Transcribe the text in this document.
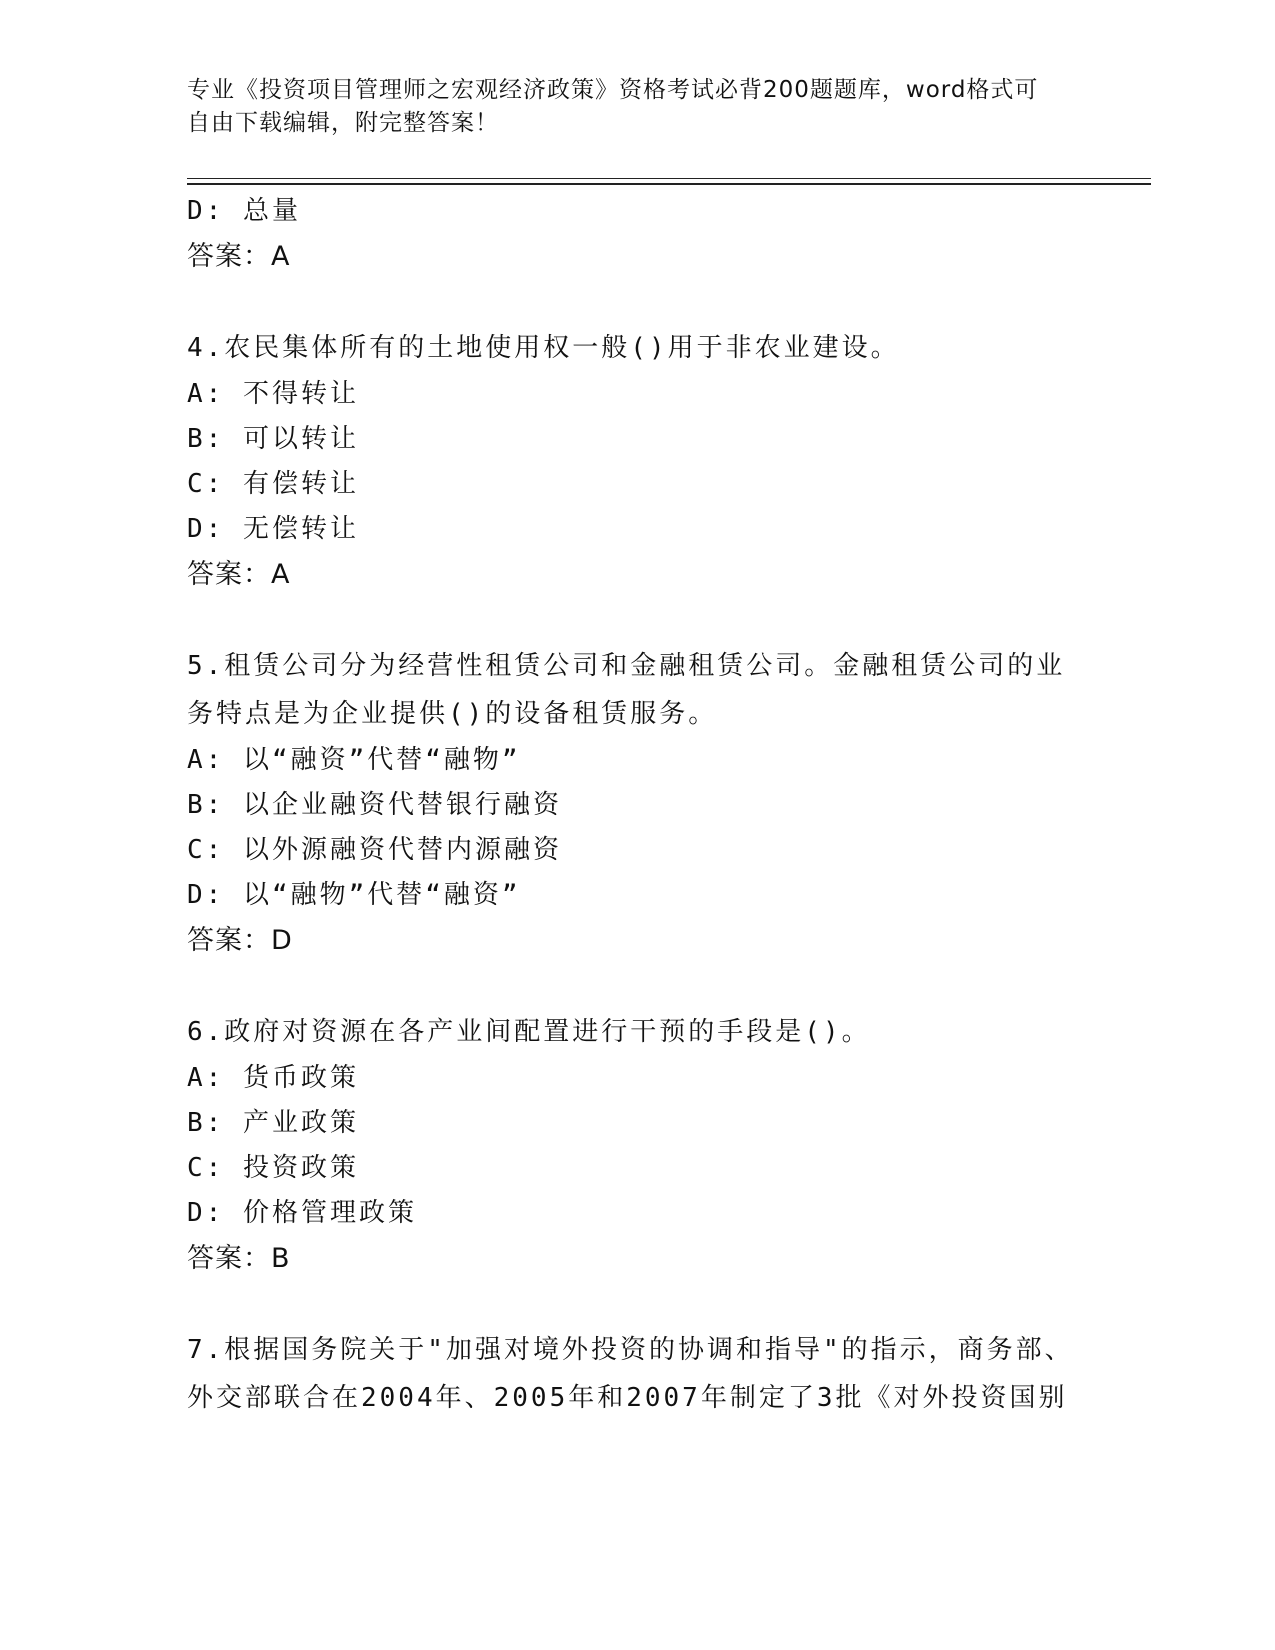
专业《投资项目管理师之宏观经济政策》资格考试必背200题题库，word格式可
自由下载编辑，附完整答案！
D: 总量
答案：A
4.农民集体所有的土地使用权一般()用于非农业建设。
A: 不得转让
B: 可以转让
C: 有偿转让
D: 无偿转让
答案：A
5.租赁公司分为经营性租赁公司和金融租赁公司。金融租赁公司的业
务特点是为企业提供()的设备租赁服务。
A: 以“融资”代替“融物”
B: 以企业融资代替银行融资
C: 以外源融资代替内源融资
D: 以“融物”代替“融资”
答案：D
6.政府对资源在各产业间配置进行干预的手段是()。
A: 货币政策
B: 产业政策
C: 投资政策
D: 价格管理政策
答案：B
7.根据国务院关于"加强对境外投资的协调和指导"的指示，商务部、
外交部联合在2004年、2005年和2007年制定了3批《对外投资国别
